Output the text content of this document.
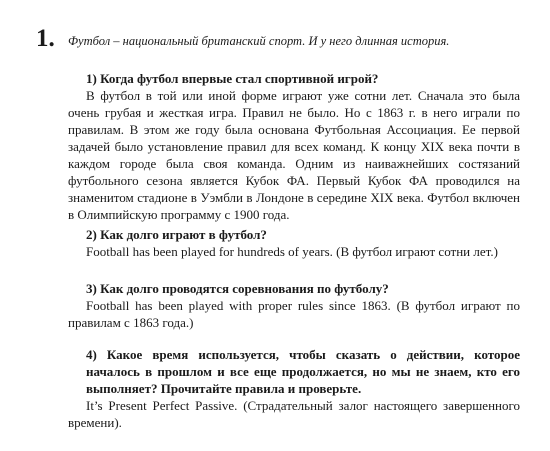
1. Футбол – национальный британский спорт. И у него длинная история.

1) Когда футбол впервые стал спортивной игрой?
В футбол в той или иной форме играют уже сотни лет. Сначала это была очень грубая и жесткая игра. Правил не было. Но с 1863 г. в него играли по правилам. В этом же году была основана Футбольная Ассоциация. Ее первой задачей было установление правил для всех команд. К концу XIX века почти в каждом городе была своя команда. Одним из наиважнейших состязаний футбольного сезона является Кубок ФА. Первый Кубок ФА проводился на знаменитом стадионе в Уэмбли в Лондоне в середине XIX века. Футбол включен в Олимпийскую программу с 1900 года.
2) Как долго играют в футбол?
Football has been played for hundreds of years. (В футбол играют сотни лет.)
3) Как долго проводятся соревнования по футболу?
Football has been played with proper rules since 1863. (В футбол играют по правилам с 1863 года.)
4) Какое время используется, чтобы сказать о действии, которое началось в прошлом и все еще продолжается, но мы не знаем, кто его выполняет? Прочитайте правила и проверьте.
It’s Present Perfect Passive. (Страдательный залог настоящего завершенного времени).
